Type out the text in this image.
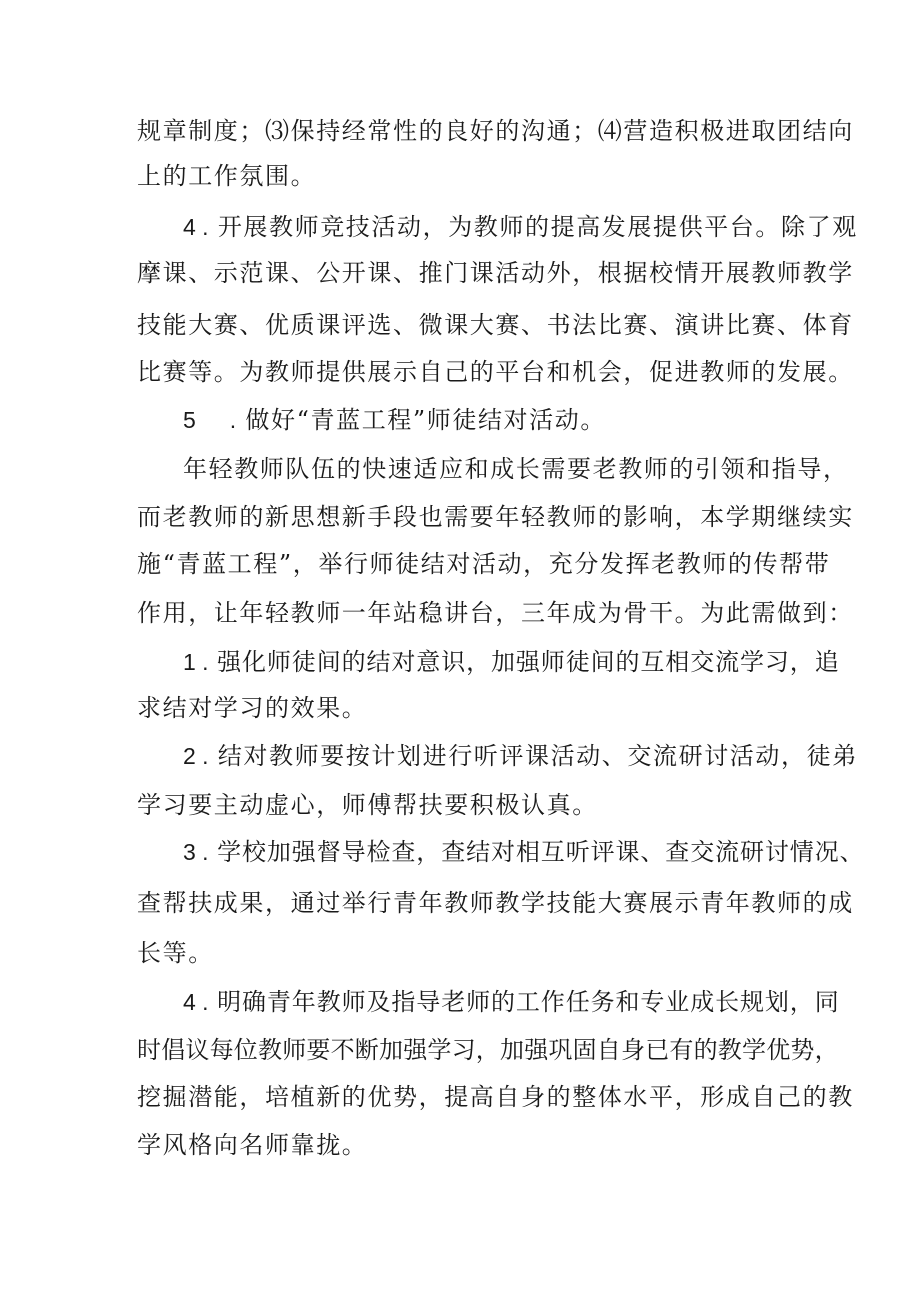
规章制度；⑶保持经常性的良好的沟通；⑷营造积极进取团结向
上的工作氛围。
4 . 开展教师竞技活动，为教师的提高发展提供平台。除了观
摩课、示范课、公开课、推门课活动外，根据校情开展教师教学
技能大赛、优质课评选、微课大赛、书法比赛、演讲比赛、体育
比赛等。为教师提供展示自己的平台和机会，促进教师的发展。
5 . 做好“青蓝工程”师徒结对活动。
年轻教师队伍的快速适应和成长需要老教师的引领和指导，
而老教师的新思想新手段也需要年轻教师的影响，本学期继续实
施“青蓝工程”，举行师徒结对活动，充分发挥老教师的传帮带
作用，让年轻教师一年站稳讲台，三年成为骨干。为此需做到：
1 . 强化师徒间的结对意识，加强师徒间的互相交流学习，追
求结对学习的效果。
2 . 结对教师要按计划进行听评课活动、交流研讨活动，徒弟
学习要主动虚心，师傅帮扶要积极认真。
3 . 学校加强督导检查，查结对相互听评课、查交流研讨情况、
查帮扶成果，通过举行青年教师教学技能大赛展示青年教师的成
长等。
4 . 明确青年教师及指导老师的工作任务和专业成长规划，同
时倡议每位教师要不断加强学习，加强巩固自身已有的教学优势，
挖掘潜能，培植新的优势，提高自身的整体水平，形成自己的教
学风格向名师靠拢。
